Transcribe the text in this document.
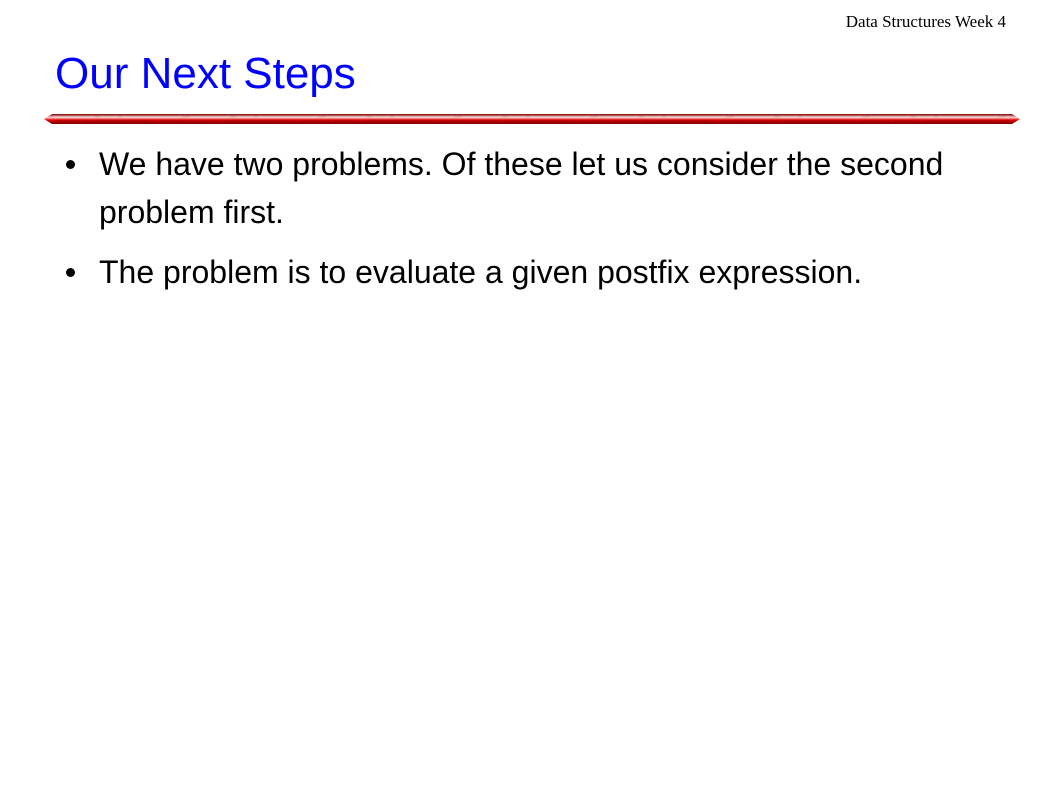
Data Structures Week 4
Our Next Steps
We have two problems. Of these let us consider the second problem first.
The problem is to evaluate a given postfix expression.
